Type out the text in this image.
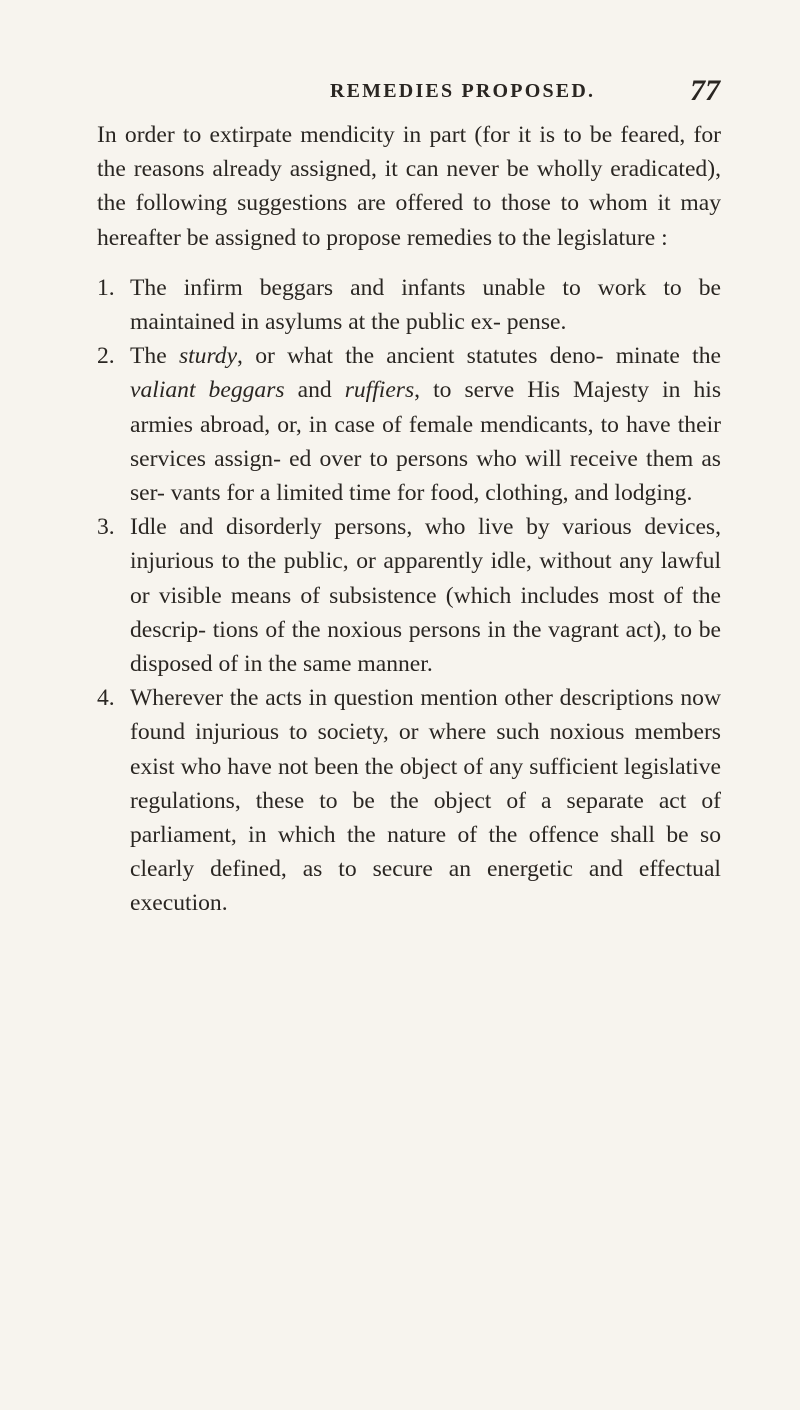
REMEDIES PROPOSED.	77

In order to extirpate mendicity in part (for it is to be feared, for the reasons already assigned, it can never be wholly eradicated), the following suggestions are offered to those to whom it may hereafter be assigned to propose remedies to the legislature :

1. The infirm beggars and infants unable to work to be maintained in asylums at the public ex- pense.
2. The sturdy, or what the ancient statutes deno- minate the valiant beggars and ruffiers, to serve His Majesty in his armies abroad, or, in case of female mendicants, to have their services assign- ed over to persons who will receive them as ser- vants for a limited time for food, clothing, and lodging.
3. Idle and disorderly persons, who live by various devices, injurious to the public, or apparently idle, without any lawful or visible means of subsistence (which includes most of the descrip- tions of the noxious persons in the vagrant act), to be disposed of in the same manner.
4. Wherever the acts in question mention other descriptions now found injurious to society, or where such noxious members exist who have not been the object of any sufficient legislative regulations, these to be the object of a separate act of parliament, in which the nature of the offence shall be so clearly defined, as to secure an energetic and effectual execution.
